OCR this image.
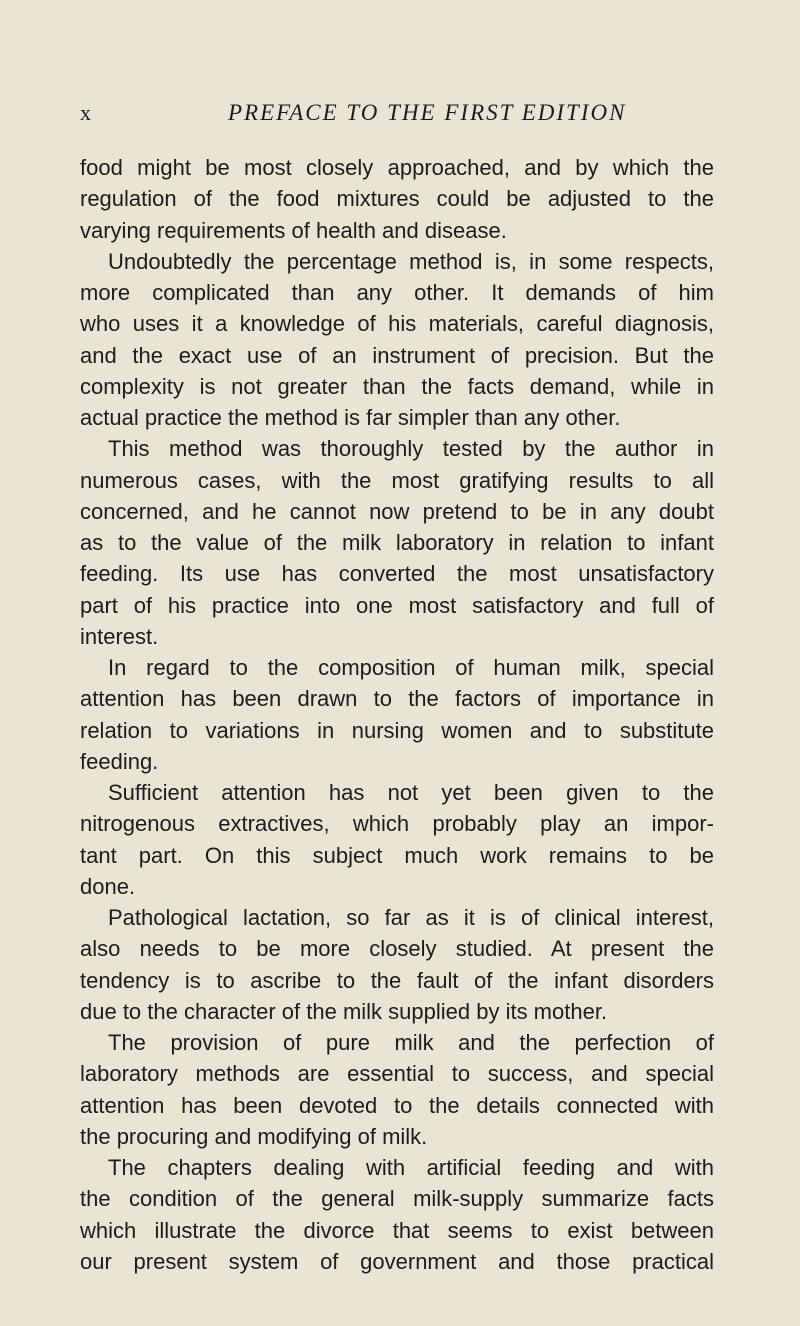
x	PREFACE TO THE FIRST EDITION
food might be most closely approached, and by which the
regulation of the food mixtures could be adjusted to the
varying requirements of health and disease.
Undoubtedly the percentage method is, in some respects,
more complicated than any other. It demands of him
who uses it a knowledge of his materials, careful diagnosis,
and the exact use of an instrument of precision. But the
complexity is not greater than the facts demand, while in
actual practice the method is far simpler than any other.
This method was thoroughly tested by the author in
numerous cases, with the most gratifying results to all
concerned, and he cannot now pretend to be in any doubt
as to the value of the milk laboratory in relation to infant
feeding. Its use has converted the most unsatisfactory
part of his practice into one most satisfactory and full of
interest.
In regard to the composition of human milk, special
attention has been drawn to the factors of importance in
relation to variations in nursing women and to substitute
feeding.
Sufficient attention has not yet been given to the
nitrogenous extractives, which probably play an impor-
tant part. On this subject much work remains to be
done.
Pathological lactation, so far as it is of clinical interest,
also needs to be more closely studied. At present the
tendency is to ascribe to the fault of the infant disorders
due to the character of the milk supplied by its mother.
The provision of pure milk and the perfection of
laboratory methods are essential to success, and special
attention has been devoted to the details connected with
the procuring and modifying of milk.
The chapters dealing with artificial feeding and with
the condition of the general milk-supply summarize facts
which illustrate the divorce that seems to exist between
our present system of government and those practical
